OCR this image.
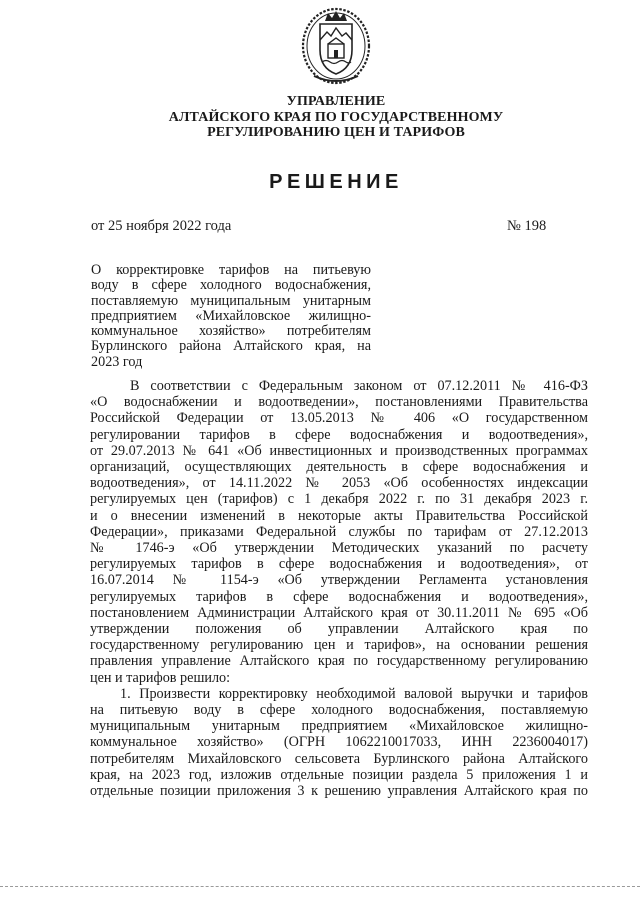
УПРАВЛЕНИЕ
АЛТАЙСКОГО КРАЯ ПО ГОСУДАРСТВЕННОМУ
РЕГУЛИРОВАНИЮ ЦЕН И ТАРИФОВ
РЕШЕНИЕ
от 25 ноября 2022 года	№ 198
О корректировке тарифов на питьевую
воду в сфере холодного водоснабжения,
поставляемую муниципальным унитарным
предприятием «Михайловское жилищно-
коммунальное хозяйство» потребителям
Бурлинского района Алтайского края, на
2023 год
В соответствии с Федеральным законом от 07.12.2011 № 416-ФЗ
«О водоснабжении и водоотведении», постановлениями Правительства
Российской Федерации от 13.05.2013 № 406 «О государственном
регулировании тарифов в сфере водоснабжения и водоотведения»,
от 29.07.2013 № 641 «Об инвестиционных и производственных программах
организаций, осуществляющих деятельность в сфере водоснабжения и
водоотведения», от 14.11.2022 № 2053 «Об особенностях индексации
регулируемых цен (тарифов) с 1 декабря 2022 г. по 31 декабря 2023 г.
и о внесении изменений в некоторые акты Правительства Российской
Федерации», приказами Федеральной службы по тарифам от 27.12.2013
№ 1746-э «Об утверждении Методических указаний по расчету
регулируемых тарифов в сфере водоснабжения и водоотведения», от
16.07.2014 № 1154-э «Об утверждении Регламента установления
регулируемых тарифов в сфере водоснабжения и водоотведения»,
постановлением Администрации Алтайского края от 30.11.2011 № 695 «Об
утверждении положения об управлении Алтайского края по
государственному регулированию цен и тарифов», на основании решения
правления управление Алтайского края по государственному регулированию
цен и тарифов решило:
1. Произвести корректировку необходимой валовой выручки и тарифов
на питьевую воду в сфере холодного водоснабжения, поставляемую
муниципальным унитарным предприятием «Михайловское жилищно-
коммунальное хозяйство» (ОГРН 1062210017033, ИНН 2236004017)
потребителям Михайловского сельсовета Бурлинского района Алтайского
края, на 2023 год, изложив отдельные позиции раздела 5 приложения 1 и
отдельные позиции приложения 3 к решению управления Алтайского края по
